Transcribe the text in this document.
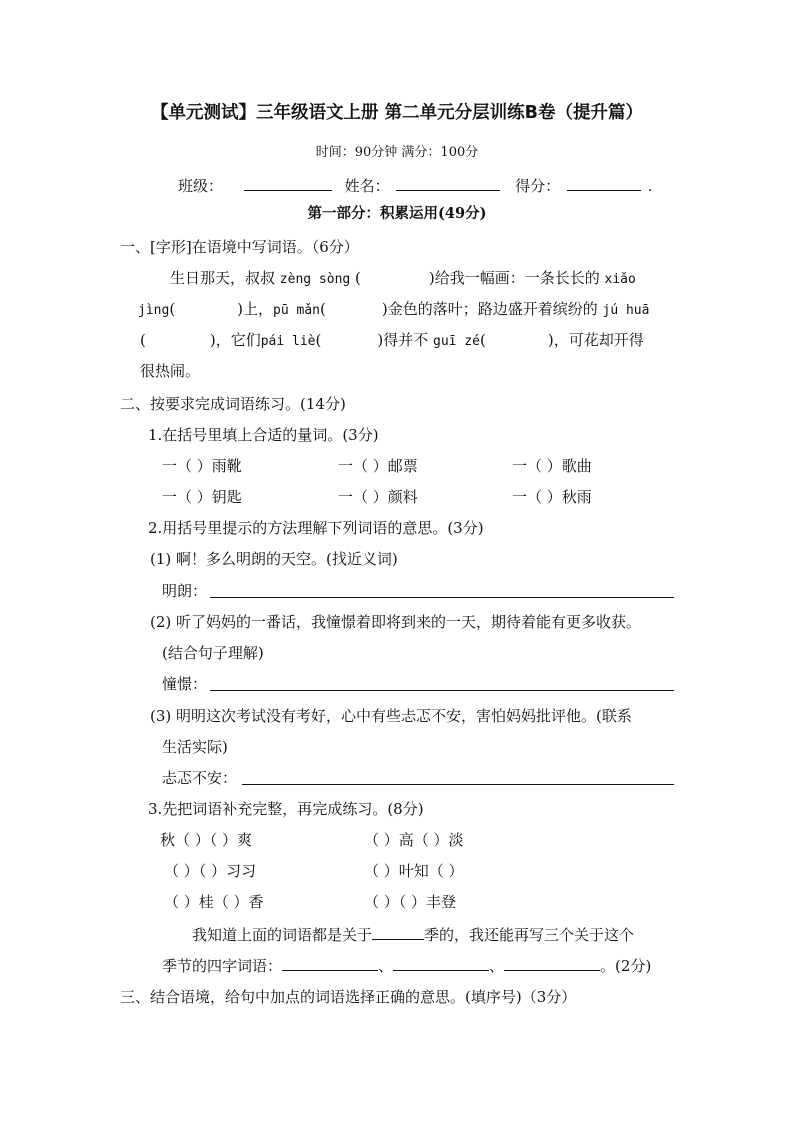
【单元测试】三年级语文上册 第二单元分层训练B卷（提升篇）
时间：90分钟 满分：100分
班级：	姓名：	得分：	.
第一部分：积累运用(49分)
一、[字形]在语境中写词语。（6分）
生日那天，叔叔 zèng sòng (	)给我一幅画：一条长长的 xiǎo
jìng(	)上，pū mǎn(	)金色的落叶；路边盛开着缤纷的 jú huā
(	)，它们pái liè(	)得并不 guī zé(	)，可花却开得
很热闹。
二、按要求完成词语练习。(14分)
1.在括号里填上合适的量词。(3分)
一（ ）雨靴	一（ ）邮票	一（ ）歌曲
一（ ）钥匙	一（ ）颜料	一（ ）秋雨
2.用括号里提示的方法理解下列词语的意思。(3分)
(1) 啊！多么明朗的天空。(找近义词)
明朗：
(2) 听了妈妈的一番话，我憧憬着即将到来的一天，期待着能有更多收获。
(结合句子理解)
憧憬：
(3) 明明这次考试没有考好，心中有些忐忑不安，害怕妈妈批评他。(联系
生活实际)
忐忑不安：
3.先把词语补充完整，再完成练习。(8分)
秋（ ）（ ）爽	（ ）高（ ）淡
（ ）（ ）习习	（ ）叶知（ ）
（ ）桂（ ）香	（ ）（ ）丰登
我知道上面的词语都是关于	季的，我还能再写三个关于这个
季节的四字词语：	、	、	。(2分)
三、结合语境，给句中加点的词语选择正确的意思。(填序号)（3分）
